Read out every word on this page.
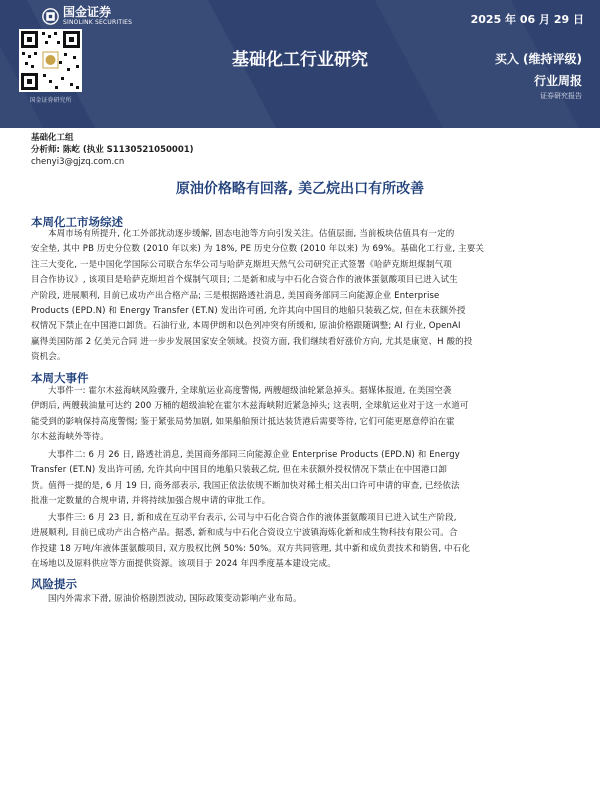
国金证券
SINOLINK SECURITIES	2025 年 06 月 29 日
国金证券研究所
基础化工行业研究	买入 (维持评级)
行业周报
证券研究报告
基础化工组
分析师: 陈屹 (执业 S1130521050001)
chenyi3@gjzq.com.cn
原油价格略有回落, 美乙烷出口有所改善
本周化工市场综述
本周市场有所提升, 化工外部扰动逐步缓解, 固态电池等方向引发关注。估值层面, 当前板块估值具有一定的
安全垫, 其中 PB 历史分位数 (2010 年以来) 为 18%, PE 历史分位数 (2010 年以来) 为 69%。基础化工行业, 主要关
注三大变化, 一是中国化学国际公司联合东华公司与哈萨克斯坦天然气公司研究正式签署《哈萨克斯坦煤制气项
目合作协议》, 该项目是哈萨克斯坦首个煤制气项目; 二是新和成与中石化合资合作的液体蛋氨酸项目已进入试生
产阶段, 进展顺利, 目前已成功产出合格产品; 三是根据路透社消息, 美国商务部同三向能源企业 Enterprise
Products (EPD.N) 和 Energy Transfer (ET.N) 发出许可函, 允许其向中国目的地船只装载乙烷, 但在未获额外授
权情况下禁止在中国港口卸货。石油行业, 本周伊朗和以色列冲突有所缓和, 原油价格跟随调整; AI 行业, OpenAI
赢得美国防部 2 亿美元合同 进一步步发展国家安全领域。投资方面, 我们继续看好涨价方向, 尤其是康宽、H 酸的投
资机会。
本周大事件
大事件一: 霍尔木兹海峡风险骤升, 全球航运业高度警惕, 两艘超级油轮紧急掉头。据媒体报道, 在美国空袭
伊朗后, 两艘载油量可达约 200 万桶的超级油轮在霍尔木兹海峡附近紧急掉头; 这表明, 全球航运业对于这一水道可
能受到的影响保持高度警惕; 鉴于紧张局势加剧, 如果船舶预计抵达装货港后需要等待, 它们可能更愿意停泊在霍
尔木兹海峡外等待。
大事件二: 6 月 26 日, 路透社消息, 美国商务部同三向能源企业 Enterprise Products (EPD.N) 和 Energy
Transfer (ET.N) 发出许可函, 允许其向中国目的地船只装载乙烷, 但在未获额外授权情况下禁止在中国港口卸
货。值得一提的是, 6 月 19 日, 商务部表示, 我国正依法依规不断加快对稀土相关出口许可申请的审查, 已经依法
批准一定数量的合规申请, 并将持续加强合规申请的审批工作。
大事件三: 6 月 23 日, 新和成在互动平台表示, 公司与中石化合资合作的液体蛋氨酸项目已进入试生产阶段,
进展顺利, 目前已成功产出合格产品。据悉, 新和成与中石化合资设立宁波镇海炼化新和成生物科技有限公司。合
作投建 18 万吨/年液体蛋氨酸项目, 双方股权比例 50%: 50%。双方共同管理, 其中新和成负责技术和销售, 中石化
在场地以及原料供应等方面提供资源。该项目于 2024 年四季度基本建设完成。
风险提示
国内外需求下滑, 原油价格剧烈波动, 国际政策变动影响产业布局。
